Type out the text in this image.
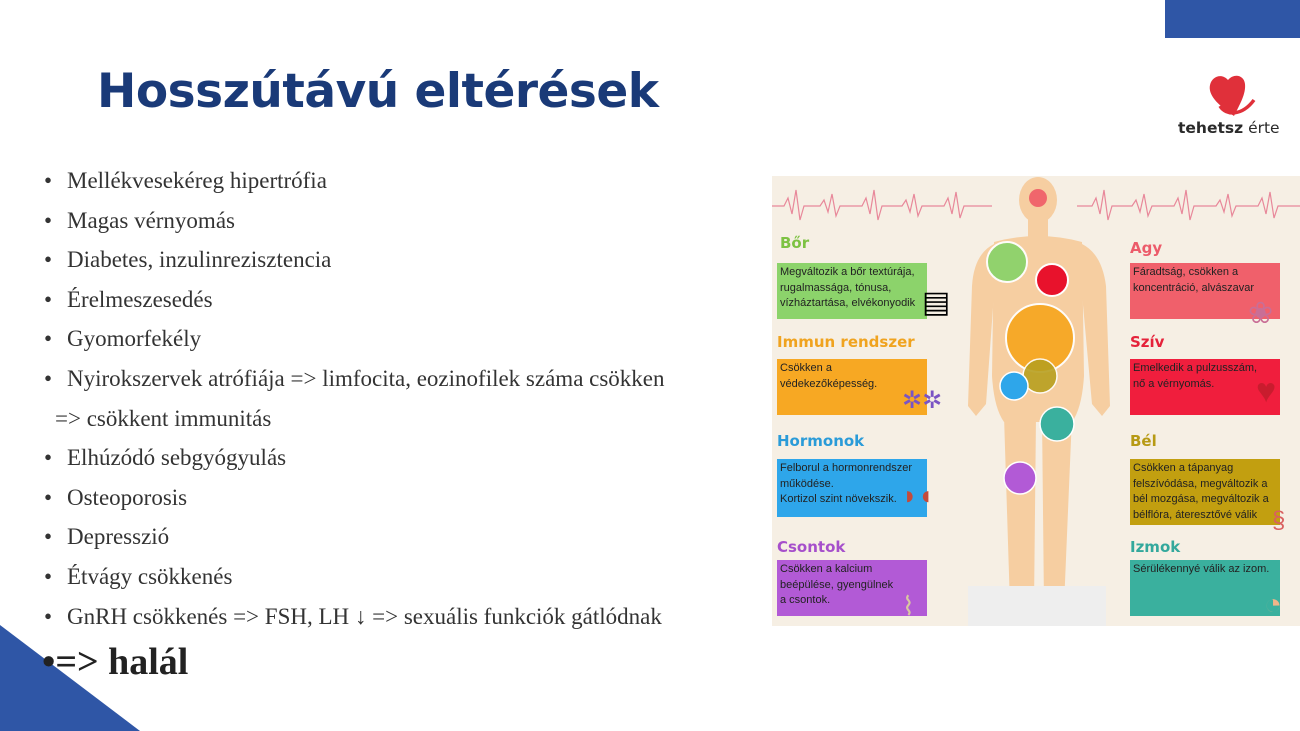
Hosszútávú eltérések
tehetsz érte
• Mellékvesekéreg hipertrófia
• Magas vérnyomás
• Diabetes, inzulinrezisztencia
• Érelmeszesedés
• Gyomorfekély
• Nyirokszervek atrófiája => limfocita, eozinofilek száma csökken
=> csökkent immunitás
• Elhúzódó sebgyógyulás
• Osteoporosis
• Depresszió
• Étvágy csökkenés
• GnRH csökkenés => FSH, LH ↓ => sexuális funkciók gátlódnak
•=> halál
Bőr
Megváltozik a bőr textúrája,
rugalmassága, tónusa,
vízháztartása, elvékonyodik ▤
Immun rendszer
Csökken a
védekezőképesség.
✲✲
Hormonok
Felborul a hormonrendszer
működése.
Kortizol szint növekszik. ◗◖
Csontok
Csökken a kalcium
beépülése, gyengülnek
a csontok.	⌇
Agy
Fáradtság, csökken a
koncentráció, alvászavar
❀
Szív
Emelkedik a pulzusszám,
nő a vérnyomás.	♥
Bél
Csökken a tápanyag
felszívódása, megváltozik a
bél mozgása, megváltozik a
bélflóra, áteresztővé válik §
Izmok
Sérülékennyé válik az izom.
◔
